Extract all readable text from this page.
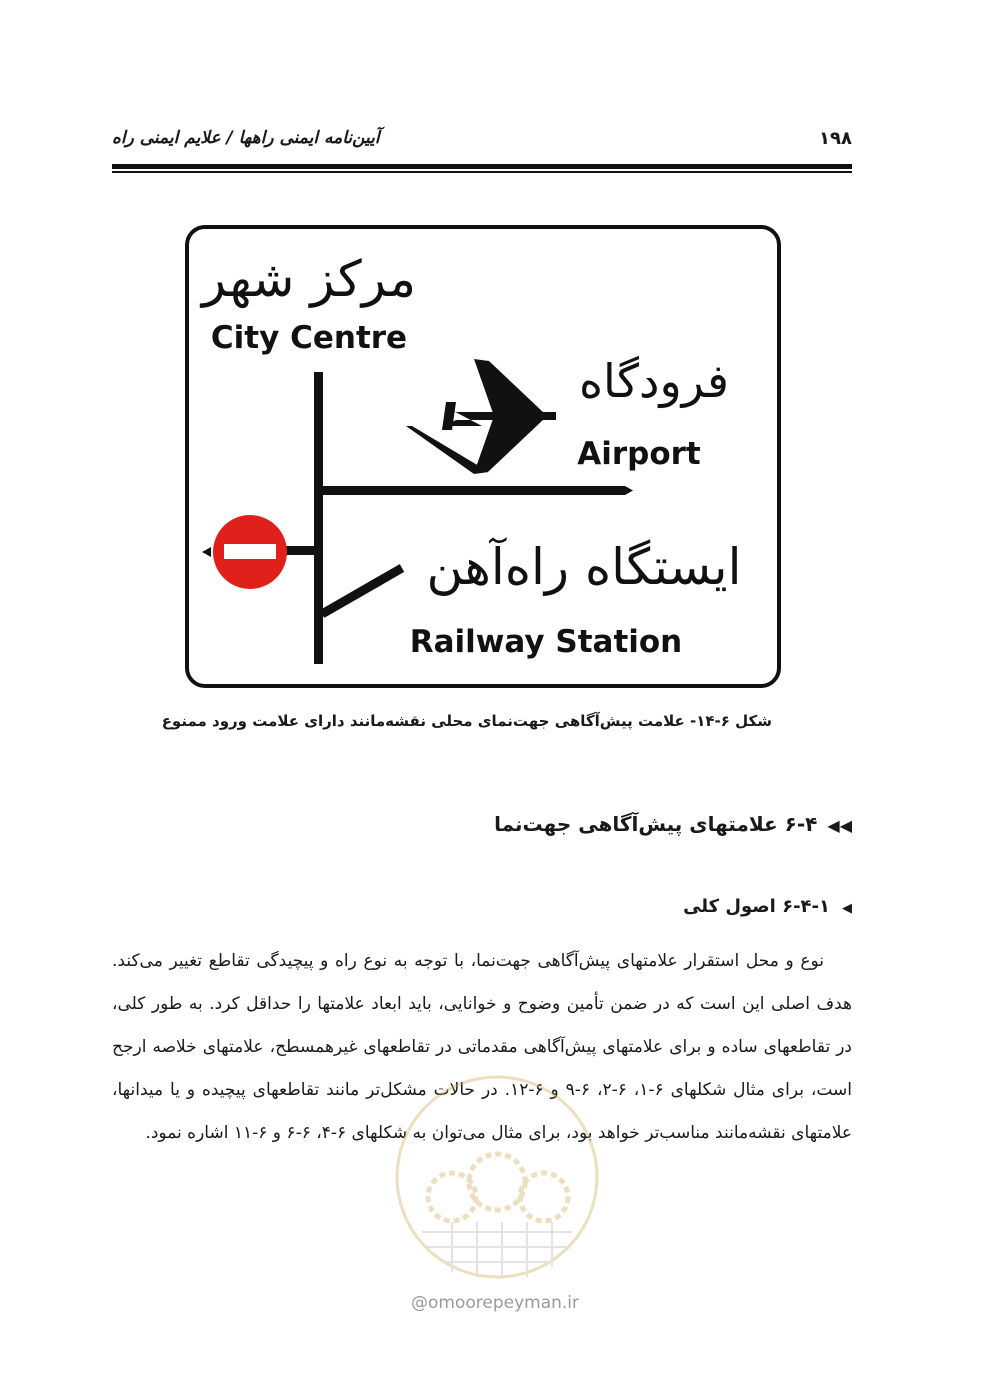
آیین‌نامه ایمنی راهها / علایم ایمنی راه	۱۹۸
مرکز شهر
City Centre
فرودگاه
Airport
ایستگاه راه‌آهن
Railway Station
شکل ۶-۱۴- علامت پیش‌آگاهی جهت‌نمای محلی نقشه‌مانند دارای علامت ورود ممنوع
◀◀۶-۴ علامتهای پیش‌آگاهی جهت‌نما
◀۶-۴-۱ اصول کلی

نوع و محل استقرار علامتهای پیش‌آگاهی جهت‌نما، با توجه به نوع راه و پیچیدگی تقاطع تغییر می‌کند. هدف اصلی این است که در ضمن تأمین وضوح و خوانایی، باید ابعاد علامتها را حداقل کرد. به طور کلی، در تقاطعهای ساده و برای علامتهای پیش‌آگاهی مقدماتی در تقاطعهای غیرهمسطح، علامتهای خلاصه ارجح است، برای مثال شکلهای ۶-۱، ۶-۲، ۶-۹ و ۶-۱۲. در حالات مشکل‌تر مانند تقاطعهای پیچیده و یا میدانها، علامتهای نقشه‌مانند مناسب‌تر خواهد بود، برای مثال می‌توان به شکلهای ۶-۴، ۶-۶ و ۶-۱۱ اشاره نمود.

@omoorepeyman.ir
